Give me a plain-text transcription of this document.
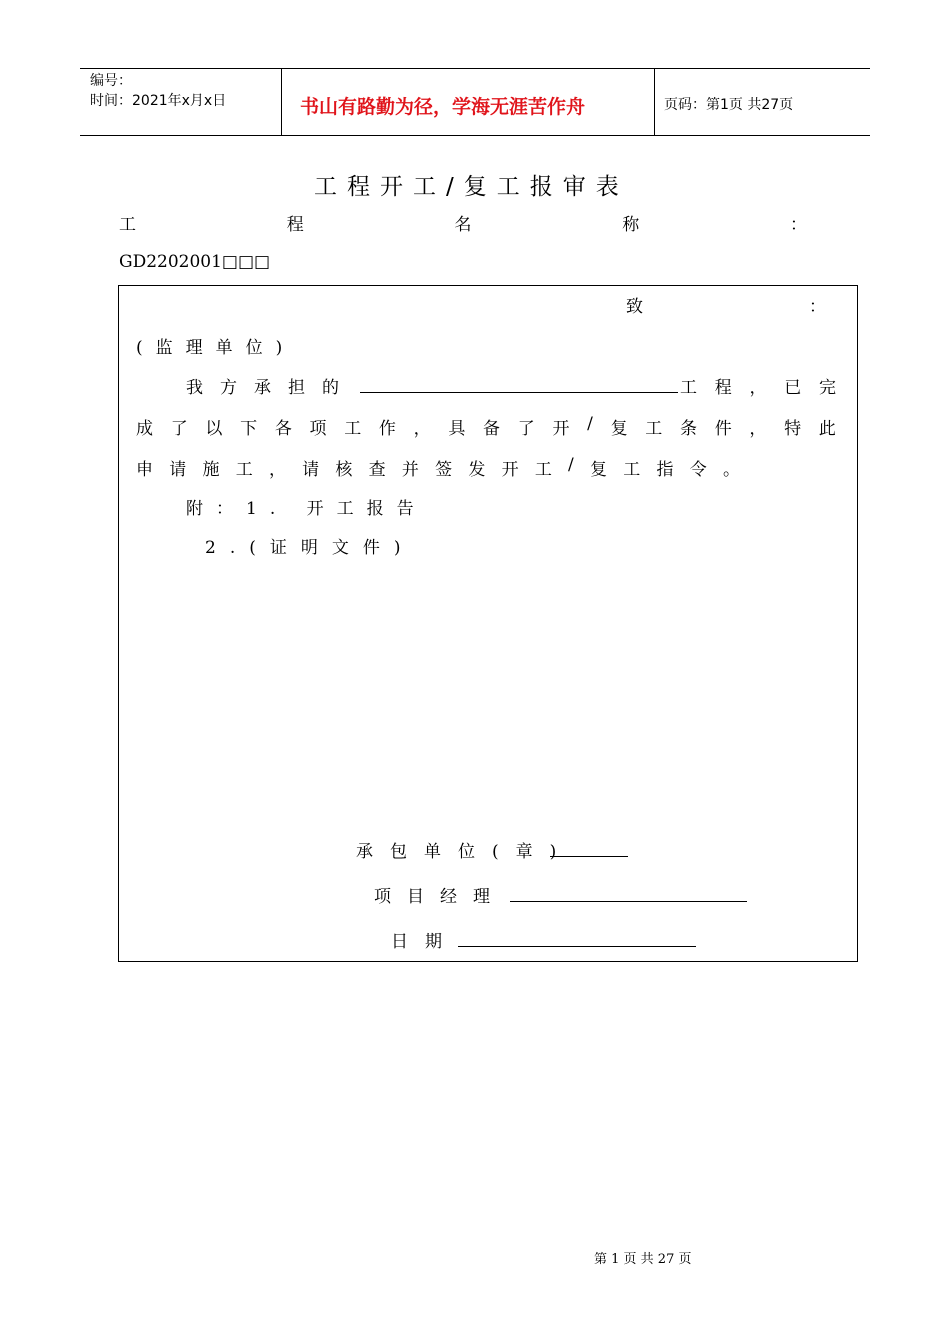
编号：
时间：2021年x月x日	书山有路勤为径，学海无涯苦作舟	页码：第1页 共27页
工程开工/复工报审表
工	程	名	称	：
GD2202001□□□
致	：
(监理单位)
我方承担的	工 程 ， 已 完
成 了 以 下 各 项 工 作 ， 具 备 了 开 / 复 工 条 件 ， 特 此
申 请 施 工 ， 请 核 查 并 签 发 开 工 / 复 工 指 令 。
附：1. 开工报告
2.(证明文件)
承包单位(章)
项目经理
日期
第 1 页 共 27 页
